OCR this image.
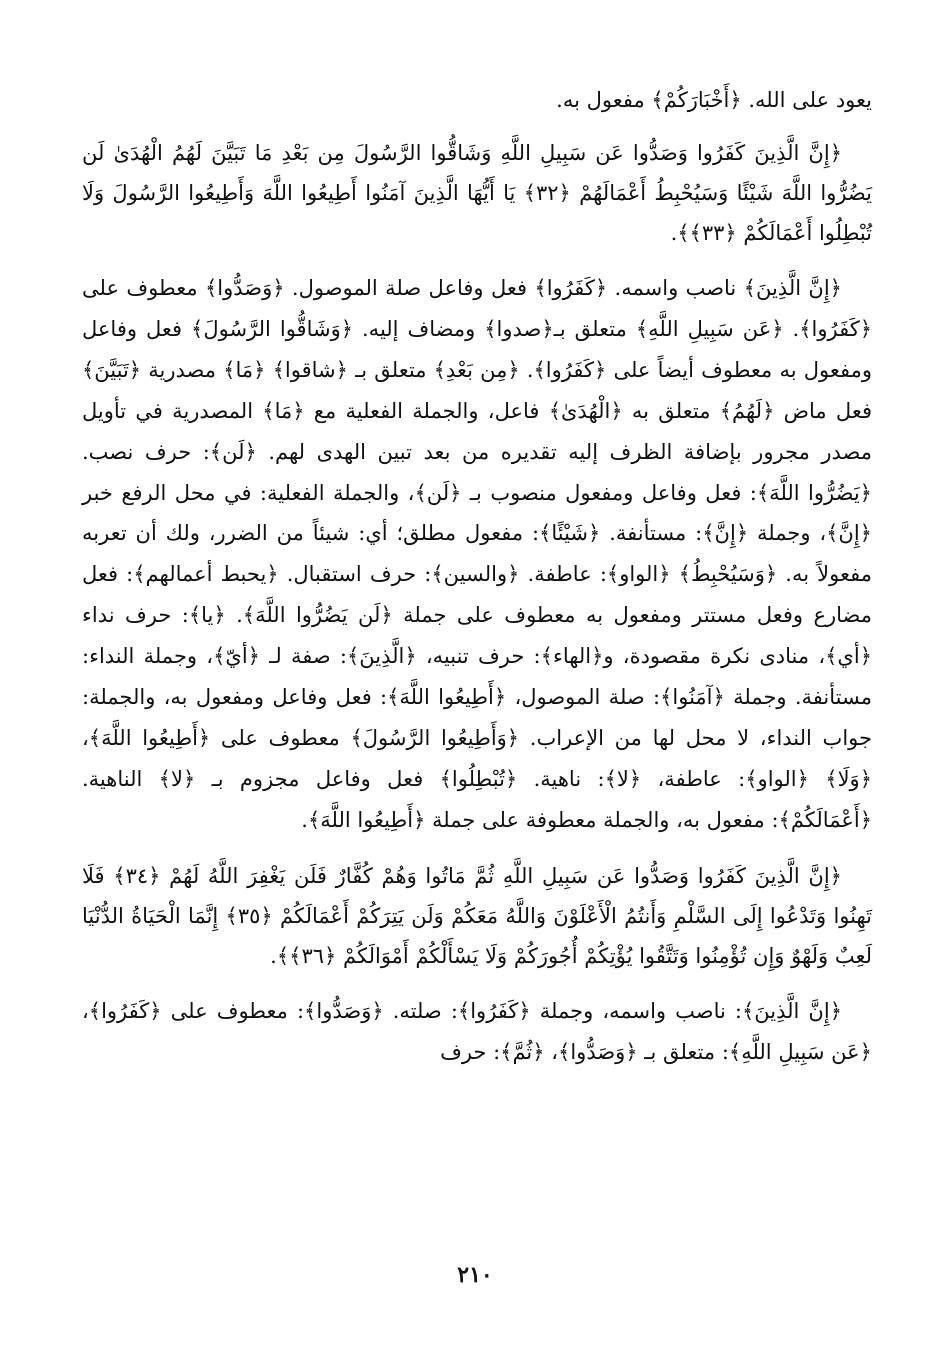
يعود على الله. ﴿أَخْبَارَكُمْ﴾ مفعول به.

﴿إِنَّ الَّذِينَ كَفَرُوا وَصَدُّوا عَن سَبِيلِ اللَّهِ وَشَاقُّوا الرَّسُولَ مِن بَعْدِ مَا تَبَيَّنَ لَهُمُ الْهُدَىٰ لَن يَضُرُّوا اللَّهَ شَيْئًا وَسَيُحْبِطُ أَعْمَالَهُمْ ﴿٣٢﴾ يَا أَيُّهَا الَّذِينَ آمَنُوا أَطِيعُوا اللَّهَ وَأَطِيعُوا الرَّسُولَ وَلَا تُبْطِلُوا أَعْمَالَكُمْ ﴿٣٣﴾﴾.

﴿إِنَّ الَّذِينَ﴾ ناصب واسمه. ﴿كَفَرُوا﴾ فعل وفاعل صلة الموصول. ﴿وَصَدُّوا﴾ معطوف على ﴿كَفَرُوا﴾. ﴿عَن سَبِيلِ اللَّهِ﴾ متعلق بـ﴿صدوا﴾ ومضاف إليه. ﴿وَشَاقُّوا الرَّسُولَ﴾ فعل وفاعل ومفعول به معطوف أيضاً على ﴿كَفَرُوا﴾. ﴿مِن بَعْدِ﴾ متعلق بـ ﴿شاقوا﴾ ﴿مَا﴾ مصدرية ﴿تَبَيَّنَ﴾ فعل ماض ﴿لَهُمُ﴾ متعلق به ﴿الْهُدَىٰ﴾ فاعل، والجملة الفعلية مع ﴿مَا﴾ المصدرية في تأويل مصدر مجرور بإضافة الظرف إليه تقديره من بعد تبين الهدى لهم. ﴿لَن﴾: حرف نصب. ﴿يَضُرُّوا اللَّهَ﴾: فعل وفاعل ومفعول منصوب بـ ﴿لَن﴾، والجملة الفعلية: في محل الرفع خبر ﴿إِنَّ﴾، وجملة ﴿إِنَّ﴾: مستأنفة. ﴿شَيْئًا﴾: مفعول مطلق؛ أي: شيئاً من الضرر، ولك أن تعربه مفعولاً به. ﴿وَسَيُحْبِطُ﴾ ﴿الواو﴾: عاطفة. ﴿والسين﴾: حرف استقبال. ﴿يحبط أعمالهم﴾: فعل مضارع وفعل مستتر ومفعول به معطوف على جملة ﴿لَن يَضُرُّوا اللَّهَ﴾. ﴿يا﴾: حرف نداء ﴿أي﴾، منادى نكرة مقصودة، و﴿الهاء﴾: حرف تنبيه، ﴿الَّذِينَ﴾: صفة لـ ﴿أيّ﴾، وجملة النداء: مستأنفة. وجملة ﴿آمَنُوا﴾: صلة الموصول، ﴿أَطِيعُوا اللَّهَ﴾: فعل وفاعل ومفعول به، والجملة: جواب النداء، لا محل لها من الإعراب. ﴿وَأَطِيعُوا الرَّسُولَ﴾ معطوف على ﴿أَطِيعُوا اللَّهَ﴾، ﴿وَلَا﴾ ﴿الواو﴾: عاطفة، ﴿لا﴾: ناهية. ﴿تُبْطِلُوا﴾ فعل وفاعل مجزوم بـ ﴿لا﴾ الناهية. ﴿أَعْمَالَكُمْ﴾: مفعول به، والجملة معطوفة على جملة ﴿أَطِيعُوا اللَّهَ﴾.

﴿إِنَّ الَّذِينَ كَفَرُوا وَصَدُّوا عَن سَبِيلِ اللَّهِ ثُمَّ مَاتُوا وَهُمْ كُفَّارٌ فَلَن يَغْفِرَ اللَّهُ لَهُمْ ﴿٣٤﴾ فَلَا تَهِنُوا وَتَدْعُوا إِلَى السَّلْمِ وَأَنتُمُ الْأَعْلَوْنَ وَاللَّهُ مَعَكُمْ وَلَن يَتِرَكُمْ أَعْمَالَكُمْ ﴿٣٥﴾ إِنَّمَا الْحَيَاةُ الدُّنْيَا لَعِبٌ وَلَهْوٌ وَإِن تُؤْمِنُوا وَتَتَّقُوا يُؤْتِكُمْ أُجُورَكُمْ وَلَا يَسْأَلْكُمْ أَمْوَالَكُمْ ﴿٣٦﴾﴾.

﴿إِنَّ الَّذِينَ﴾: ناصب واسمه، وجملة ﴿كَفَرُوا﴾: صلته. ﴿وَصَدُّوا﴾: معطوف على ﴿كَفَرُوا﴾، ﴿عَن سَبِيلِ اللَّهِ﴾: متعلق بـ ﴿وَصَدُّوا﴾، ﴿ثُمَّ﴾: حرف

٢١٠
